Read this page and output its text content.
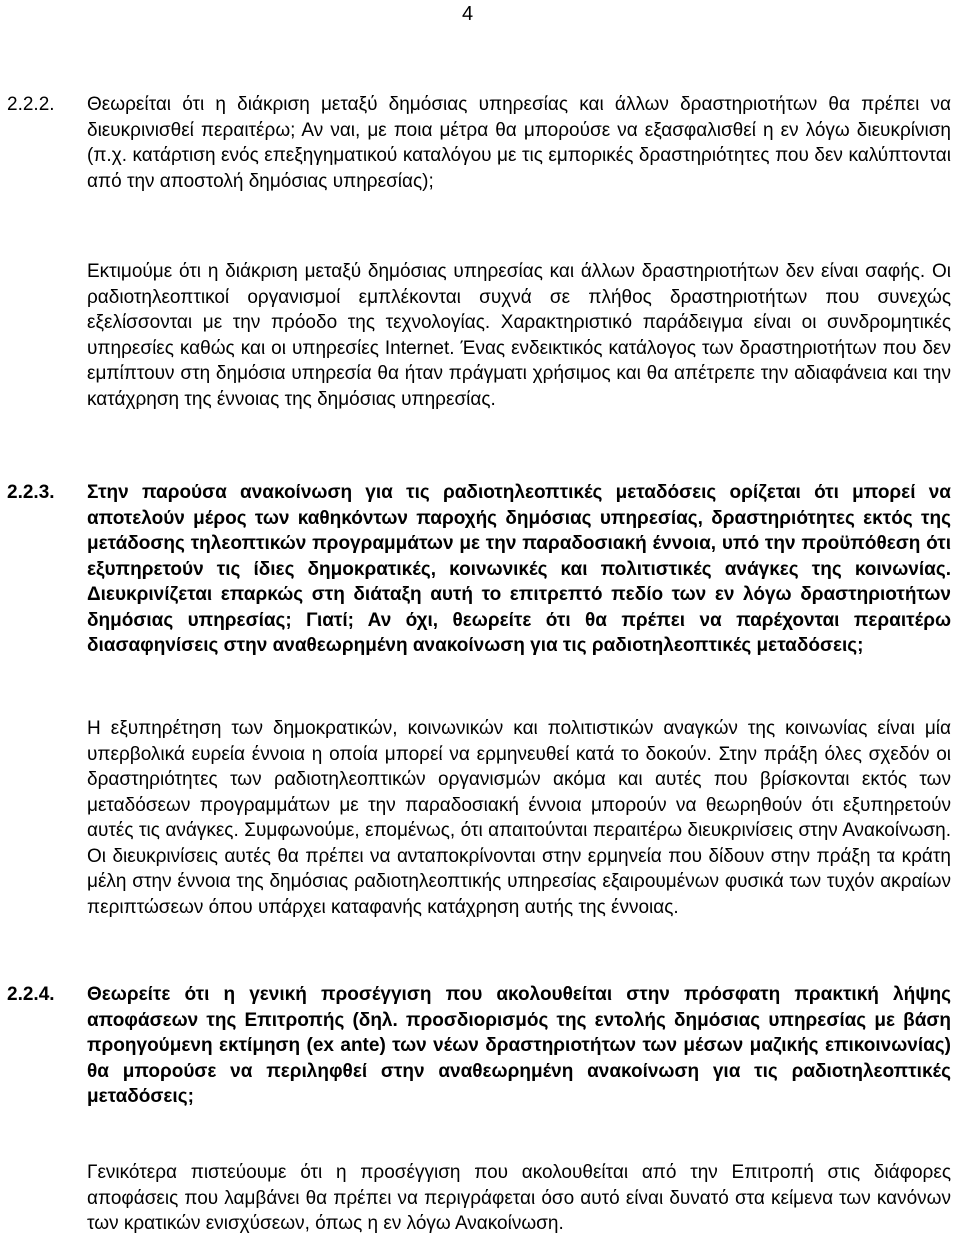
4
2.2.2. Θεωρείται ότι η διάκριση μεταξύ δημόσιας υπηρεσίας και άλλων δραστηριοτήτων θα πρέπει να διευκρινισθεί περαιτέρω; Αν ναι, με ποια μέτρα θα μπορούσε να εξασφαλισθεί η εν λόγω διευκρίνιση (π.χ. κατάρτιση ενός επεξηγηματικού καταλόγου με τις εμπορικές δραστηριότητες που δεν καλύπτονται από την αποστολή δημόσιας υπηρεσίας);

Εκτιμούμε ότι η διάκριση μεταξύ δημόσιας υπηρεσίας και άλλων δραστηριοτήτων δεν είναι σαφής. Οι ραδιοτηλεοπτικοί οργανισμοί εμπλέκονται συχνά σε πλήθος δραστηριοτήτων που συνεχώς εξελίσσονται με την πρόοδο της τεχνολογίας. Χαρακτηριστικό παράδειγμα είναι οι συνδρομητικές υπηρεσίες καθώς και οι υπηρεσίες Internet. Ένας ενδεικτικός κατάλογος των δραστηριοτήτων που δεν εμπίπτουν στη δημόσια υπηρεσία θα ήταν πράγματι χρήσιμος και θα απέτρεπε την αδιαφάνεια και την κατάχρηση της έννοιας της δημόσιας υπηρεσίας.

2.2.3. Στην παρούσα ανακοίνωση για τις ραδιοτηλεοπτικές μεταδόσεις ορίζεται ότι μπορεί να αποτελούν μέρος των καθηκόντων παροχής δημόσιας υπηρεσίας, δραστηριότητες εκτός της μετάδοσης τηλεοπτικών προγραμμάτων με την παραδοσιακή έννοια, υπό την προϋπόθεση ότι εξυπηρετούν τις ίδιες δημοκρατικές, κοινωνικές και πολιτιστικές ανάγκες της κοινωνίας. Διευκρινίζεται επαρκώς στη διάταξη αυτή το επιτρεπτό πεδίο των εν λόγω δραστηριοτήτων δημόσιας υπηρεσίας; Γιατί; Αν όχι, θεωρείτε ότι θα πρέπει να παρέχονται περαιτέρω διασαφηνίσεις στην αναθεωρημένη ανακοίνωση για τις ραδιοτηλεοπτικές μεταδόσεις;

Η εξυπηρέτηση των δημοκρατικών, κοινωνικών και πολιτιστικών αναγκών της κοινωνίας είναι μία υπερβολικά ευρεία έννοια η οποία μπορεί να ερμηνευθεί κατά το δοκούν. Στην πράξη όλες σχεδόν οι δραστηριότητες των ραδιοτηλεοπτικών οργανισμών ακόμα και αυτές που βρίσκονται εκτός των μεταδόσεων προγραμμάτων με την παραδοσιακή έννοια μπορούν να θεωρηθούν ότι εξυπηρετούν αυτές τις ανάγκες. Συμφωνούμε, επομένως, ότι απαιτούνται περαιτέρω διευκρινίσεις στην Ανακοίνωση. Οι διευκρινίσεις αυτές θα πρέπει να ανταποκρίνονται στην ερμηνεία που δίδουν στην πράξη τα κράτη μέλη στην έννοια της δημόσιας ραδιοτηλεοπτικής υπηρεσίας εξαιρουμένων φυσικά των τυχόν ακραίων περιπτώσεων όπου υπάρχει καταφανής κατάχρηση αυτής της έννοιας.

2.2.4. Θεωρείτε ότι η γενική προσέγγιση που ακολουθείται στην πρόσφατη πρακτική λήψης αποφάσεων της Επιτροπής (δηλ. προσδιορισμός της εντολής δημόσιας υπηρεσίας με βάση προηγούμενη εκτίμηση (ex ante) των νέων δραστηριοτήτων των μέσων μαζικής επικοινωνίας) θα μπορούσε να περιληφθεί στην αναθεωρημένη ανακοίνωση για τις ραδιοτηλεοπτικές μεταδόσεις;

Γενικότερα πιστεύουμε ότι η προσέγγιση που ακολουθείται από την Επιτροπή στις διάφορες αποφάσεις που λαμβάνει θα πρέπει να περιγράφεται όσο αυτό είναι δυνατό στα κείμενα των κανόνων των κρατικών ενισχύσεων, όπως η εν λόγω Ανακοίνωση.
